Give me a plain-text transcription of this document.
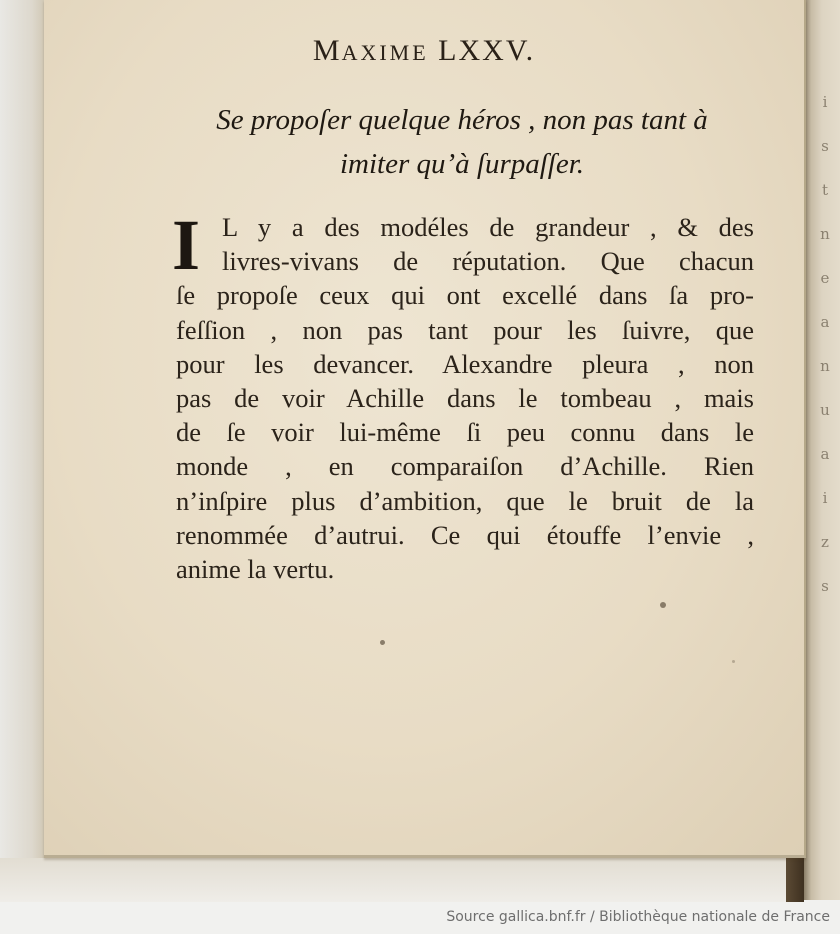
i
s
t
n
e
a
n
u
a
i
z
s
MAXIME LXXV.
Se propoſer quelque héros , non pas tant à
imiter qu’à ſurpaſſer.
I L y a des modéles de grandeur , & des
livres-vivans de réputation. Que chacun
ſe propoſe ceux qui ont excellé dans ſa pro-
feſſion , non pas tant pour les ſuivre, que
pour les devancer. Alexandre pleura , non
pas de voir Achille dans le tombeau , mais
de ſe voir lui-même ſi peu connu dans le
monde , en comparaiſon d’Achille. Rien
n’inſpire plus d’ambition, que le bruit de la
renommée d’autrui. Ce qui étouffe l’envie ,
anime la vertu.
Source gallica.bnf.fr / Bibliothèque nationale de France
